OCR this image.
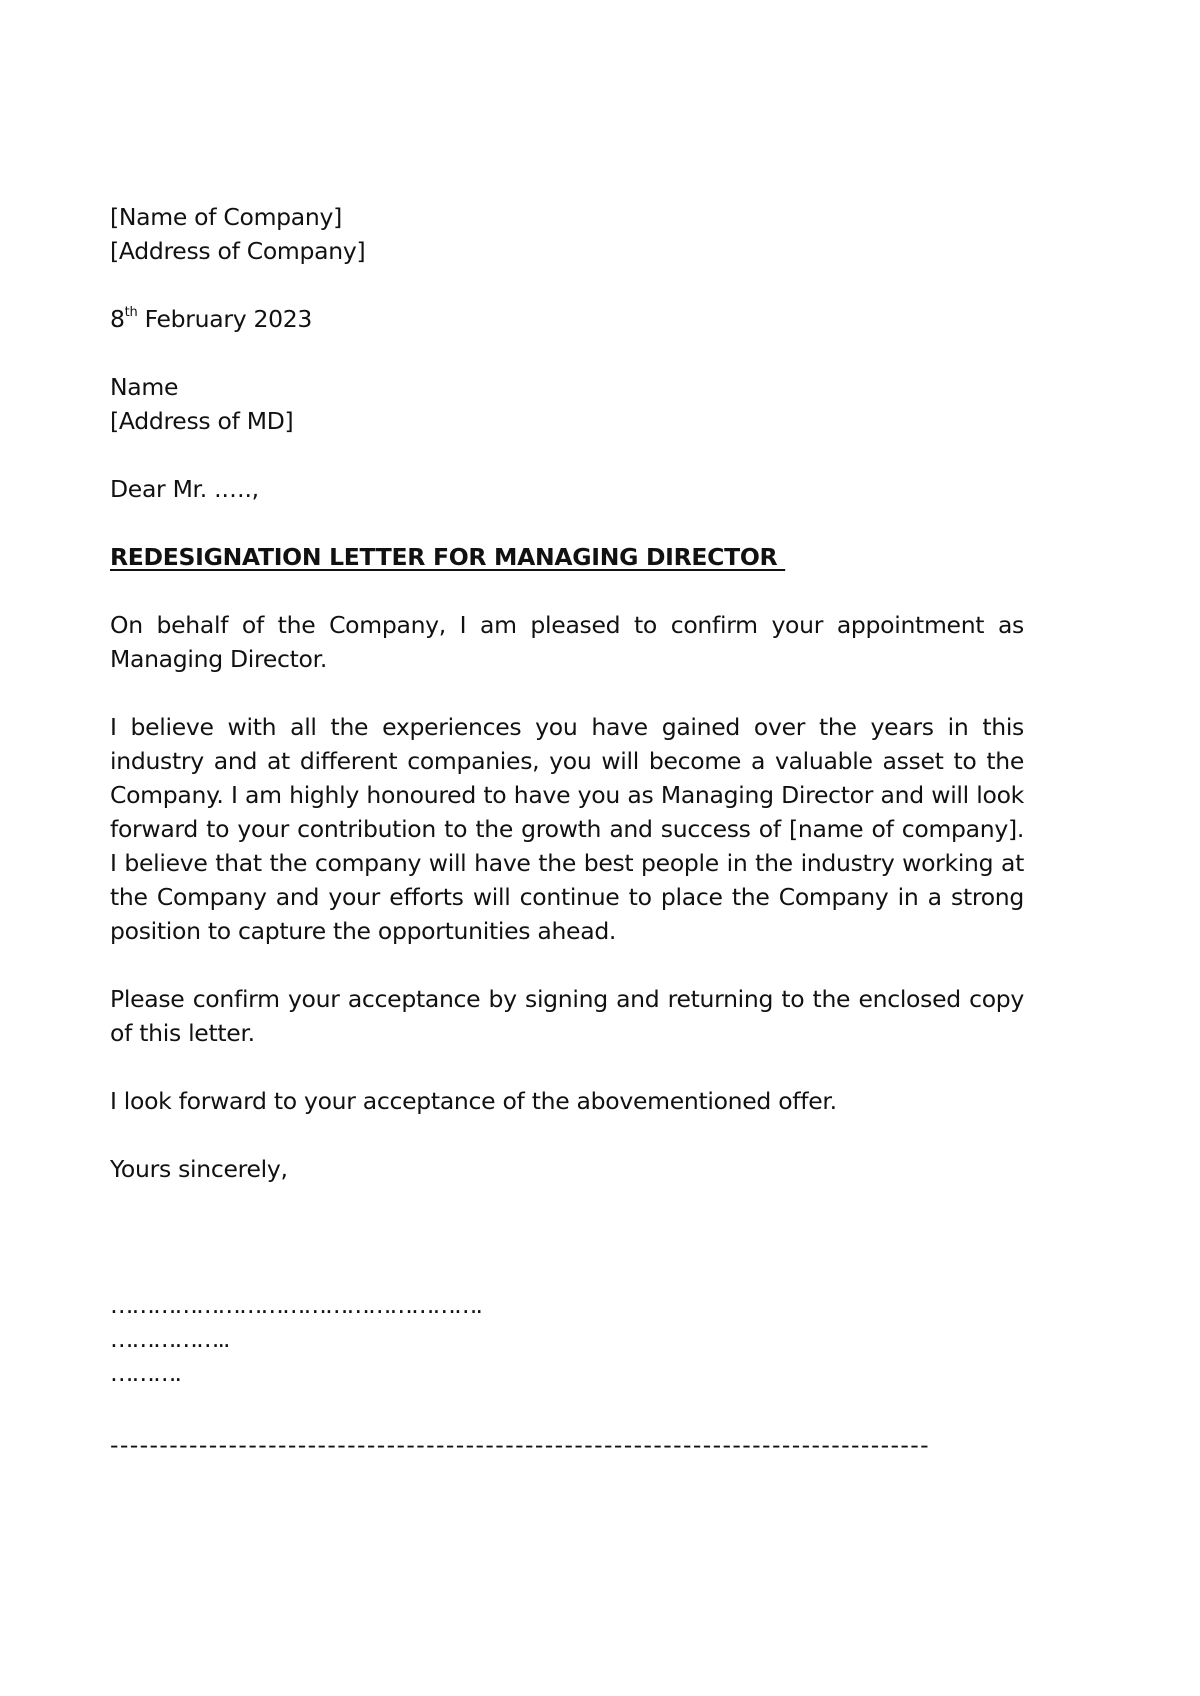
[Name of Company]
[Address of Company]
8th February 2023
Name
[Address of MD]
Dear Mr. .….,
REDESIGNATION LETTER FOR MANAGING DIRECTOR
On behalf of the Company, I am pleased to confirm your appointment as Managing Director.
I believe with all the experiences you have gained over the years in this industry and at different companies, you will become a valuable asset to the Company. I am highly honoured to have you as Managing Director and will look forward to your contribution to the growth and success of [name of company]. I believe that the company will have the best people in the industry working at the Company and your efforts will continue to place the Company in a strong position to capture the opportunities ahead.
Please confirm your acceptance by signing and returning to the enclosed copy of this letter.
I look forward to your acceptance of the abovementioned offer.
Yours sincerely,
…………………………………………….
……………..
……….
-----------------------------------------------------------------------------------
